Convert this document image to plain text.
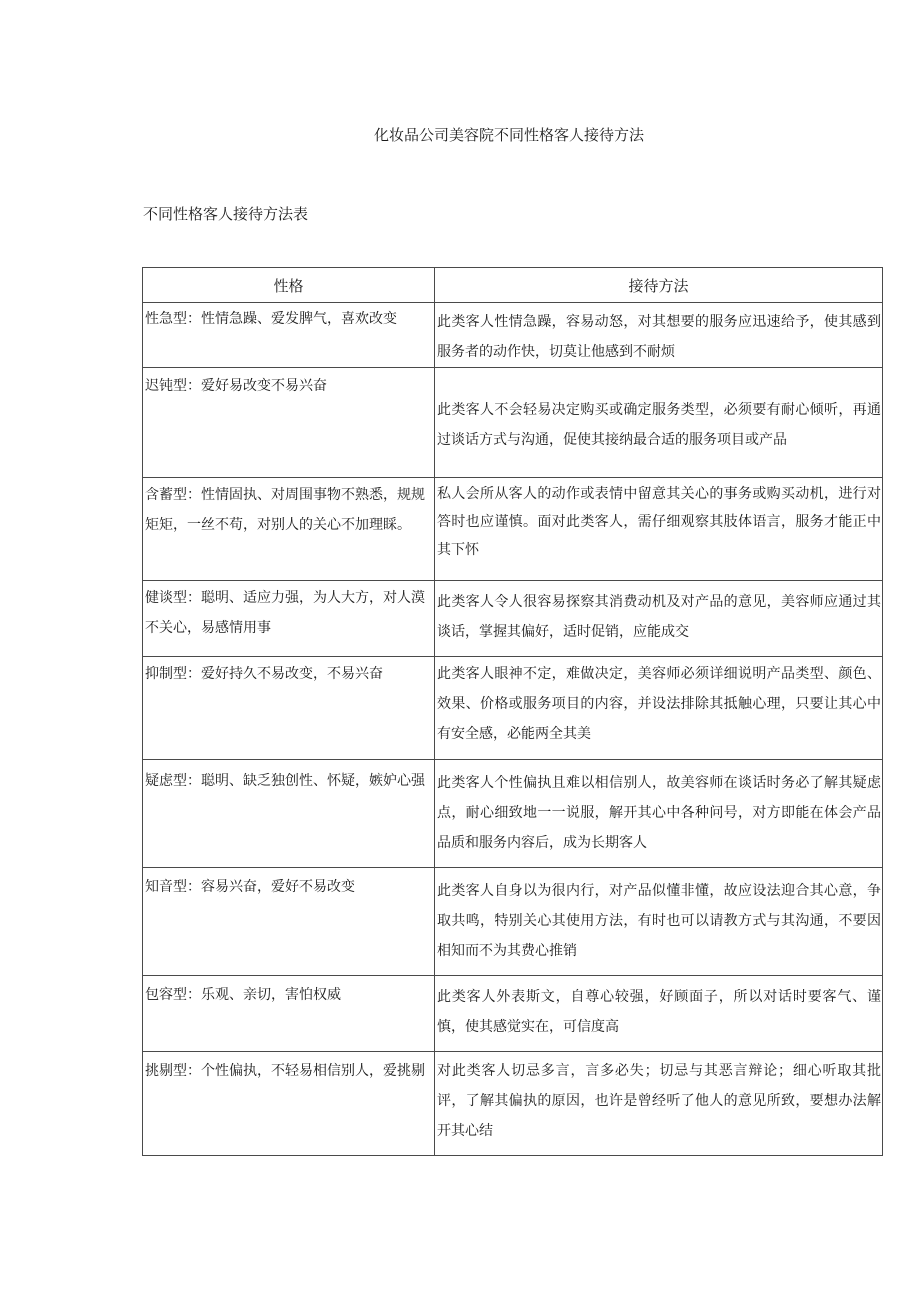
化妆品公司美容院不同性格客人接待方法
不同性格客人接待方法表
性格	接待方法

性急型：性情急躁、爱发脾气，喜欢改变	此类客人性情急躁，容易动怒，对其想要的服务应迅速给予，使其感到服务者的动作快，切莫让他感到不耐烦

迟钝型：爱好易改变不易兴奋	此类客人不会轻易决定购买或确定服务类型，必须要有耐心倾听，再通过谈话方式与沟通，促使其接纳最合适的服务项目或产品

含蓄型：性情固执、对周围事物不熟悉，规规矩矩，一丝不苟，对别人的关心不加理睬。	私人会所从客人的动作或表情中留意其关心的事务或购买动机，进行对答时也应谨慎。面对此类客人，需仔细观察其肢体语言，服务才能正中其下怀

健谈型：聪明、适应力强，为人大方，对人漠不关心，易感情用事	此类客人令人很容易探察其消费动机及对产品的意见，美容师应通过其谈话，掌握其偏好，适时促销，应能成交

抑制型：爱好持久不易改变，不易兴奋	此类客人眼神不定，难做决定，美容师必须详细说明产品类型、颜色、效果、价格或服务项目的内容，并设法排除其抵触心理，只要让其心中有安全感，必能两全其美

疑虑型：聪明、缺乏独创性、怀疑，嫉妒心强	此类客人个性偏执且难以相信别人，故美容师在谈话时务必了解其疑虑点，耐心细致地一一说服，解开其心中各种问号，对方即能在体会产品品质和服务内容后，成为长期客人

知音型：容易兴奋，爱好不易改变	此类客人自身以为很内行，对产品似懂非懂，故应设法迎合其心意，争取共鸣，特别关心其使用方法，有时也可以请教方式与其沟通，不要因相知而不为其费心推销

包容型：乐观、亲切，害怕权威	此类客人外表斯文，自尊心较强，好顾面子，所以对话时要客气、谨慎，使其感觉实在，可信度高

挑剔型：个性偏执，不轻易相信别人，爱挑剔	对此类客人切忌多言，言多必失；切忌与其恶言辩论；细心听取其批评，了解其偏执的原因，也许是曾经听了他人的意见所致，要想办法解开其心结
